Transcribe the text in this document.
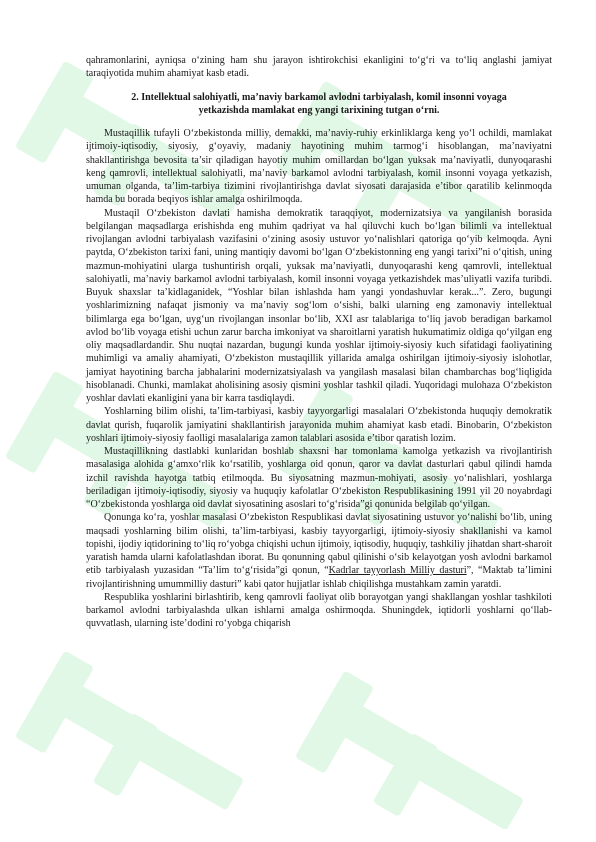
qahramonlarini, ayniqsa o‘zining ham shu jarayon ishtirokchisi ekanligini to‘g‘ri va to‘liq anglashi jamiyat taraqiyotida muhim ahamiyat kasb etadi.

2. Intellektual salohiyatli, ma’naviy barkamol avlodni tarbiyalash, komil insonni voyaga yetkazishda mamlakat eng yangi tarixining tutgan o‘rni.

Mustaqillik tufayli O‘zbekistonda milliy, demakki, ma’naviy-ruhiy erkinliklarga keng yo‘l ochildi, mamlakat ijtimoiy-iqtisodiy, siyosiy, g‘oyaviy, madaniy hayotining muhim tarmog‘i hisoblangan, ma’naviyatni shakllantirishga bevosita ta’sir qiladigan hayotiy muhim omillardan bo‘lgan yuksak ma’naviyatli, dunyoqarashi keng qamrovli, intellektual salohiyatli, ma’naviy barkamol avlodni tarbiyalash, komil insonni voyaga yetkazish, umuman olganda, ta’lim-tarbiya tizimini rivojlantirishga davlat siyosati darajasida e’tibor qaratilib kelinmoqda hamda bu borada beqiyos ishlar amalga oshirilmoqda.

Mustaqil O‘zbekiston davlati hamisha demokratik taraqqiyot, modernizatsiya va yangilanish borasida belgilangan maqsadlarga erishishda eng muhim qadriyat va hal qiluvchi kuch bo‘lgan bilimli va intellektual rivojlangan avlodni tarbiyalash vazifasini o‘zining asosiy ustuvor yo‘nalishlari qatoriga qo‘yib kelmoqda. Ayni paytda, O‘zbekiston tarixi fani, uning mantiqiy davomi bo‘lgan O‘zbekistonning eng yangi tarixi”ni o‘qitish, uning mazmun-mohiyatini ularga tushuntirish orqali, yuksak ma’naviyatli, dunyoqarashi keng qamrovli, intellektual salohiyatli, ma’naviy barkamol avlodni tarbiyalash, komil insonni voyaga yetkazishdek mas’uliyatli vazifa turibdi. Buyuk shaxslar ta’kidlaganidek, “Yoshlar bilan ishlashda ham yangi yondashuvlar kerak...”. Zero, bugungi yoshlarimizning nafaqat jismoniy va ma’naviy sog‘lom o‘sishi, balki ularning eng zamonaviy intellektual bilimlarga ega bo‘lgan, uyg‘un rivojlangan insonlar bo‘lib, XXI asr talablariga to‘liq javob beradigan barkamol avlod bo‘lib voyaga etishi uchun zarur barcha imkoniyat va sharoitlarni yaratish hukumatimiz oldiga qo‘yilgan eng oliy maqsadlardandir. Shu nuqtai nazardan, bugungi kunda yoshlar ijtimoiy-siyosiy kuch sifatidagi faoliyatining muhimligi va amaliy ahamiyati, O‘zbekiston mustaqillik yillarida amalga oshirilgan ijtimoiy-siyosiy islohotlar, jamiyat hayotining barcha jabhalarini modernizatsiyalash va yangilash masalasi bilan chambarchas bog‘liqligida hisoblanadi. Chunki, mamlakat aholisining asosiy qismini yoshlar tashkil qiladi. Yuqoridagi mulohaza O‘zbekiston yoshlar davlati ekanligini yana bir karra tasdiqlaydi.

Yoshlarning bilim olishi, ta’lim-tarbiyasi, kasbiy tayyorgarligi masalalari O‘zbekistonda huquqiy demokratik davlat qurish, fuqarolik jamiyatini shakllantirish jarayonida muhim ahamiyat kasb etadi. Binobarin, O‘zbekiston yoshlari ijtimoiy-siyosiy faolligi masalalariga zamon talablari asosida e’tibor qaratish lozim.

Mustaqillikning dastlabki kunlaridan boshlab shaxsni har tomonlama kamolga yetkazish va rivojlantirish masalasiga alohida g‘amxo‘rlik ko‘rsatilib, yoshlarga oid qonun, qaror va davlat dasturlari qabul qilindi hamda izchil ravishda hayotga tatbiq etilmoqda. Bu siyosatning mazmun-mohiyati, asosiy yo‘nalishlari, yoshlarga beriladigan ijtimoiy-iqtisodiy, siyosiy va huquqiy kafolatlar O‘zbekiston Respublikasining 1991 yil 20 noyabrdagi “O‘zbekistonda yoshlarga oid davlat siyosatining asoslari to‘g‘risida”gi qonunida belgilab qo‘yilgan.

Qonunga ko‘ra, yoshlar masalasi O‘zbekiston Respublikasi davlat siyosatining ustuvor yo‘nalishi bo‘lib, uning maqsadi yoshlarning bilim olishi, ta’lim-tarbiyasi, kasbiy tayyorgarligi, ijtimoiy-siyosiy shakllanishi va kamol topishi, ijodiy iqtidorining to‘liq ro‘yobga chiqishi uchun ijtimoiy, iqtisodiy, huquqiy, tashkiliy jihatdan shart-sharoit yaratish hamda ularni kafolatlashdan iborat. Bu qonunning qabul qilinishi o‘sib kelayotgan yosh avlodni barkamol etib tarbiyalash yuzasidan “Ta’lim to‘g‘risida”gi qonun, “Kadrlar tayyorlash Milliy dasturi”, “Maktab ta’limini rivojlantirishning umummilliy dasturi” kabi qator hujjatlar ishlab chiqilishga mustahkam zamin yaratdi.

Respublika yoshlarini birlashtirib, keng qamrovli faoliyat olib borayotgan yangi shakllangan yoshlar tashkiloti barkamol avlodni tarbiyalashda ulkan ishlarni amalga oshirmoqda. Shuningdek, iqtidorli yoshlarni qo‘llab-quvvatlash, ularning iste’dodini ro‘yobga chiqarish
